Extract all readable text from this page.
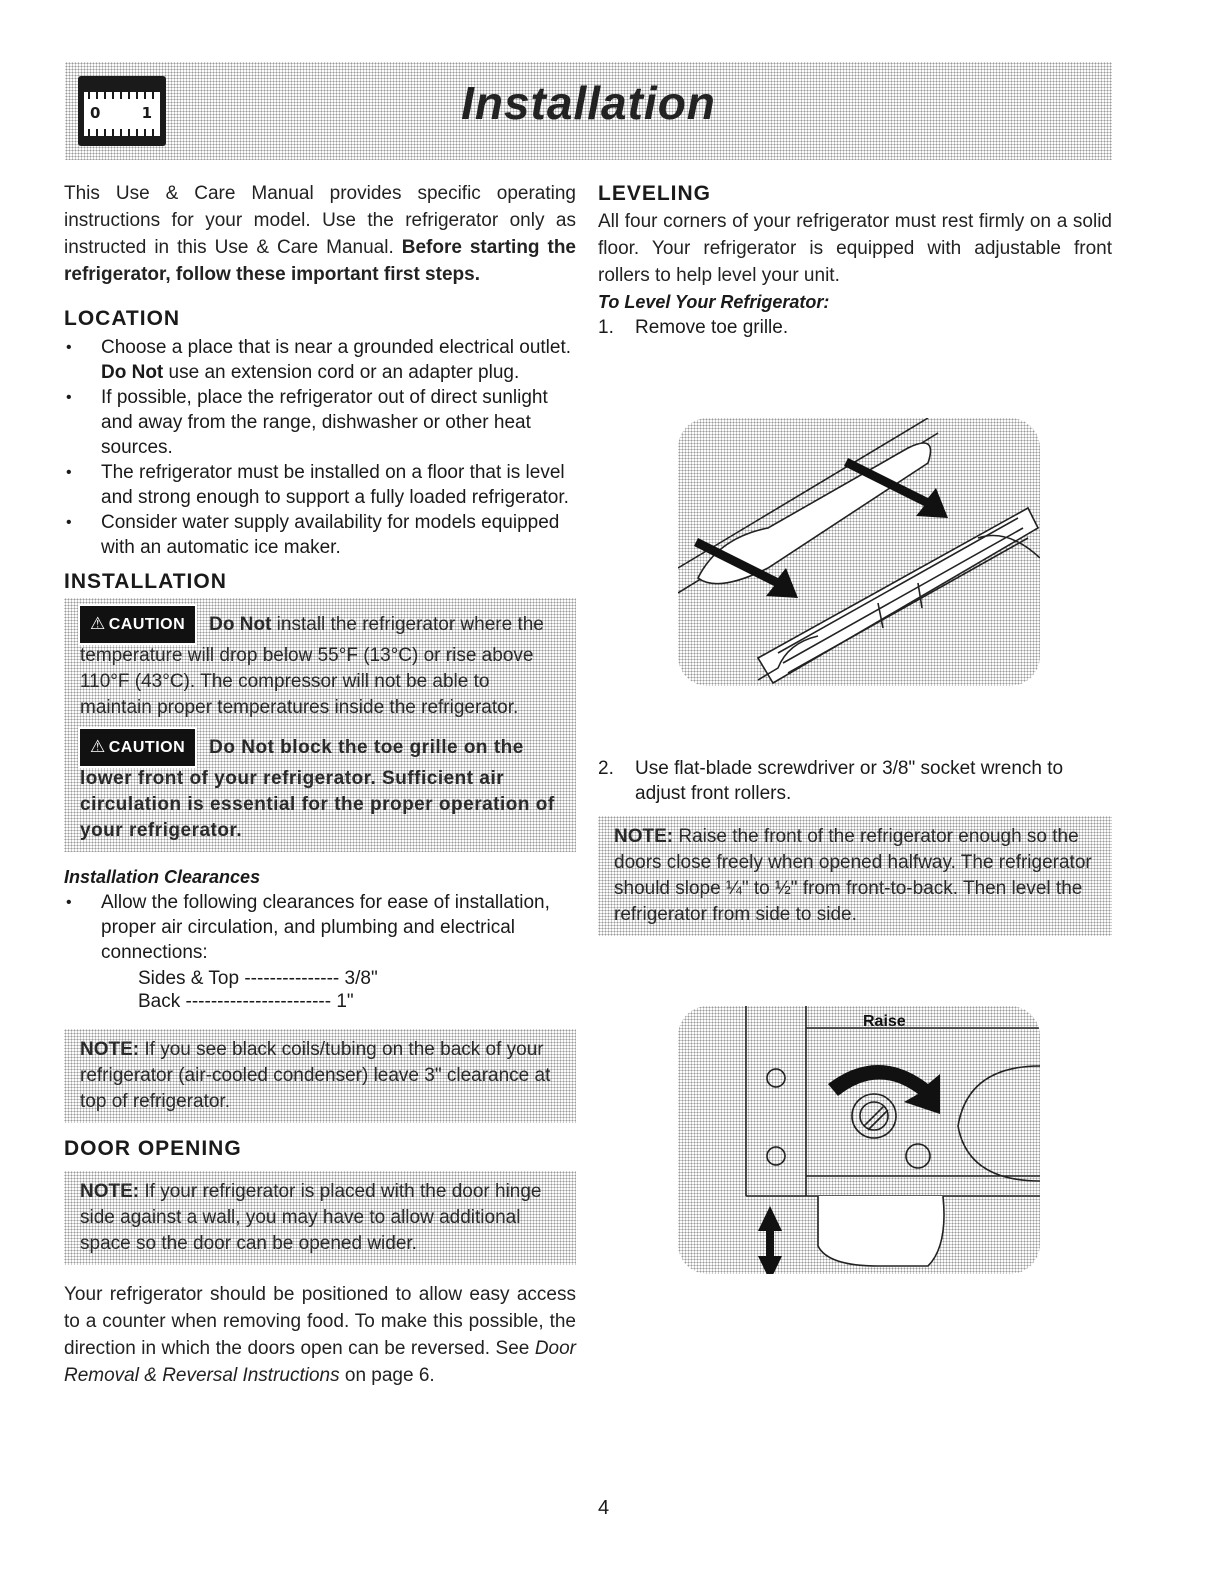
0	1	Installation

This Use & Care Manual provides specific operating instructions for your model. Use the refrigerator only as instructed in this Use & Care Manual. Before starting the refrigerator, follow these important first steps.

LOCATION
• Choose a place that is near a grounded electrical outlet. Do Not use an extension cord or an adapter plug.
• If possible, place the refrigerator out of direct sunlight and away from the range, dishwasher or other heat sources.
• The refrigerator must be installed on a floor that is level and strong enough to support a fully loaded refrigerator.
• Consider water supply availability for models equipped with an automatic ice maker.
INSTALLATION
⚠ CAUTION Do Not install the refrigerator where the temperature will drop below 55°F (13°C) or rise above 110°F (43°C). The compressor will not be able to maintain proper temperatures inside the refrigerator.
⚠ CAUTION Do Not block the toe grille on the lower front of your refrigerator. Sufficient air circulation is essential for the proper operation of your refrigerator.
Installation Clearances
• Allow the following clearances for ease of installation, proper air circulation, and plumbing and electrical connections:
Sides & Top --------------- 3/8"
Back ----------------------- 1"
NOTE: If you see black coils/tubing on the back of your refrigerator (air-cooled condenser) leave 3" clearance at top of refrigerator.
DOOR OPENING
NOTE: If your refrigerator is placed with the door hinge side against a wall, you may have to allow additional space so the door can be opened wider.

Your refrigerator should be positioned to allow easy access to a counter when removing food. To make this possible, the direction in which the doors open can be reversed. See Door Removal & Reversal Instructions on page 6.

LEVELING

All four corners of your refrigerator must rest firmly on a solid floor. Your refrigerator is equipped with adjustable front rollers to help level your unit.

To Level Your Refrigerator:
1. Remove toe grille.
2. Use flat-blade screwdriver or 3/8" socket wrench to adjust front rollers.
NOTE: Raise the front of the refrigerator enough so the doors close freely when opened halfway. The refrigerator should slope ¼" to ½" from front-to-back. Then level the refrigerator from side to side.
Raise
4
